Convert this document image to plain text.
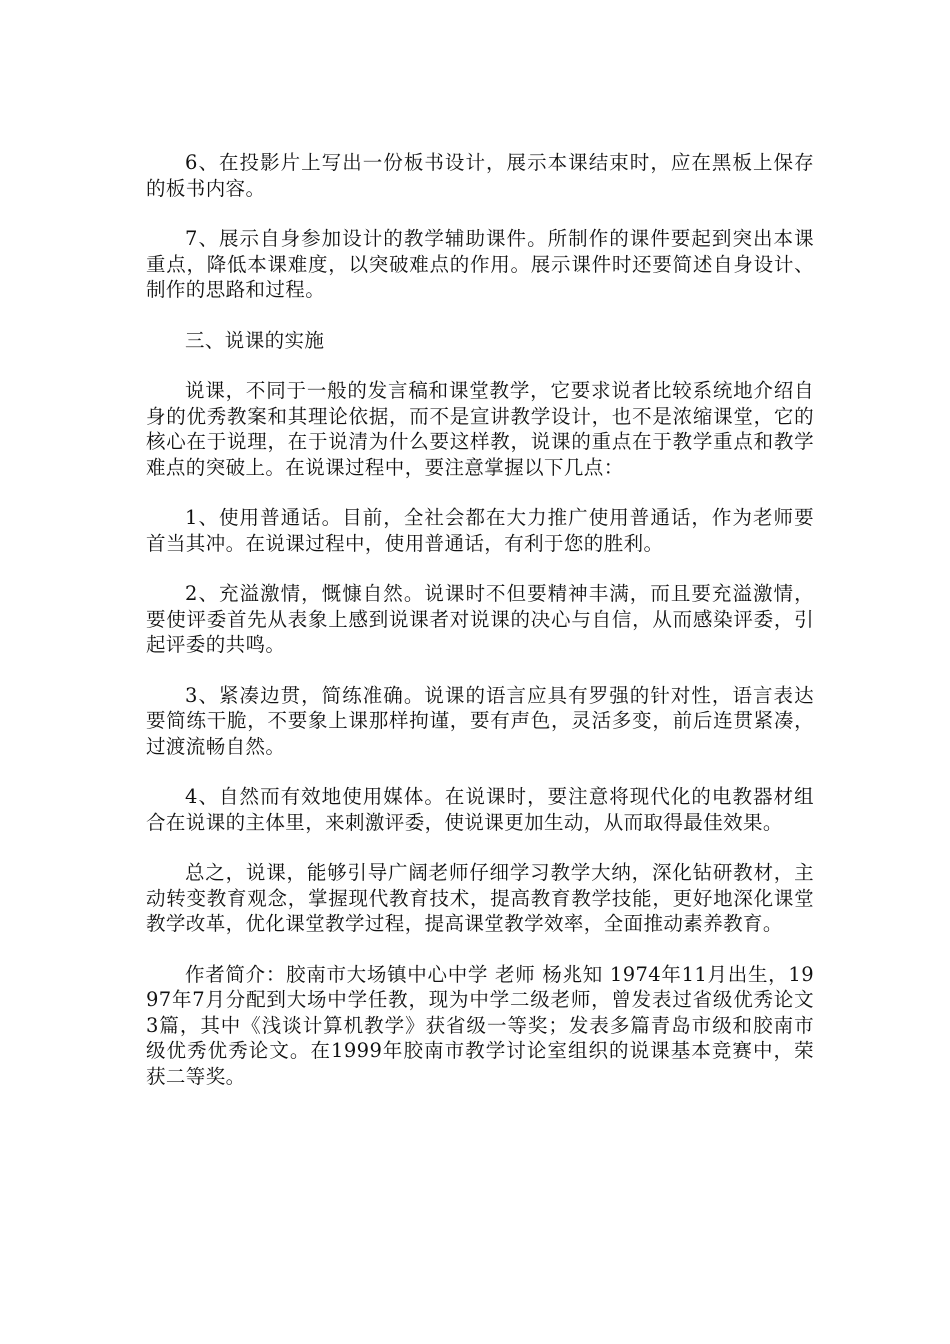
6、在投影片上写出一份板书设计，展示本课结束时，应在黑板上保存的板书内容。

7、展示自身参加设计的教学辅助课件。所制作的课件要起到突出本课重点，降低本课难度，以突破难点的作用。展示课件时还要简述自身设计、制作的思路和过程。

三、说课的实施

说课，不同于一般的发言稿和课堂教学，它要求说者比较系统地介绍自身的优秀教案和其理论依据，而不是宣讲教学设计，也不是浓缩课堂，它的核心在于说理，在于说清为什么要这样教，说课的重点在于教学重点和教学难点的突破上。在说课过程中，要注意掌握以下几点：

1、使用普通话。目前，全社会都在大力推广使用普通话，作为老师要首当其冲。在说课过程中，使用普通话，有利于您的胜利。

2、充溢激情，慨慷自然。说课时不但要精神丰满，而且要充溢激情，要使评委首先从表象上感到说课者对说课的决心与自信，从而感染评委，引起评委的共鸣。

3、紧凑边贯，简练准确。说课的语言应具有罗强的针对性，语言表达要简练干脆，不要象上课那样拘谨，要有声色，灵活多变，前后连贯紧凑，过渡流畅自然。

4、自然而有效地使用媒体。在说课时，要注意将现代化的电教器材组合在说课的主体里，来刺激评委，使说课更加生动，从而取得最佳效果。

总之，说课，能够引导广阔老师仔细学习教学大纳，深化钻研教材，主动转变教育观念，掌握现代教育技术，提高教育教学技能，更好地深化课堂教学改革，优化课堂教学过程，提高课堂教学效率，全面推动素养教育。

作者简介：胶南市大场镇中心中学 老师 杨兆知 1974年11月出生，1997年7月分配到大场中学任教，现为中学二级老师，曾发表过省级优秀论文3篇，其中《浅谈计算机教学》获省级一等奖；发表多篇青岛市级和胶南市级优秀优秀论文。在1999年胶南市教学讨论室组织的说课基本竞赛中，荣获二等奖。
